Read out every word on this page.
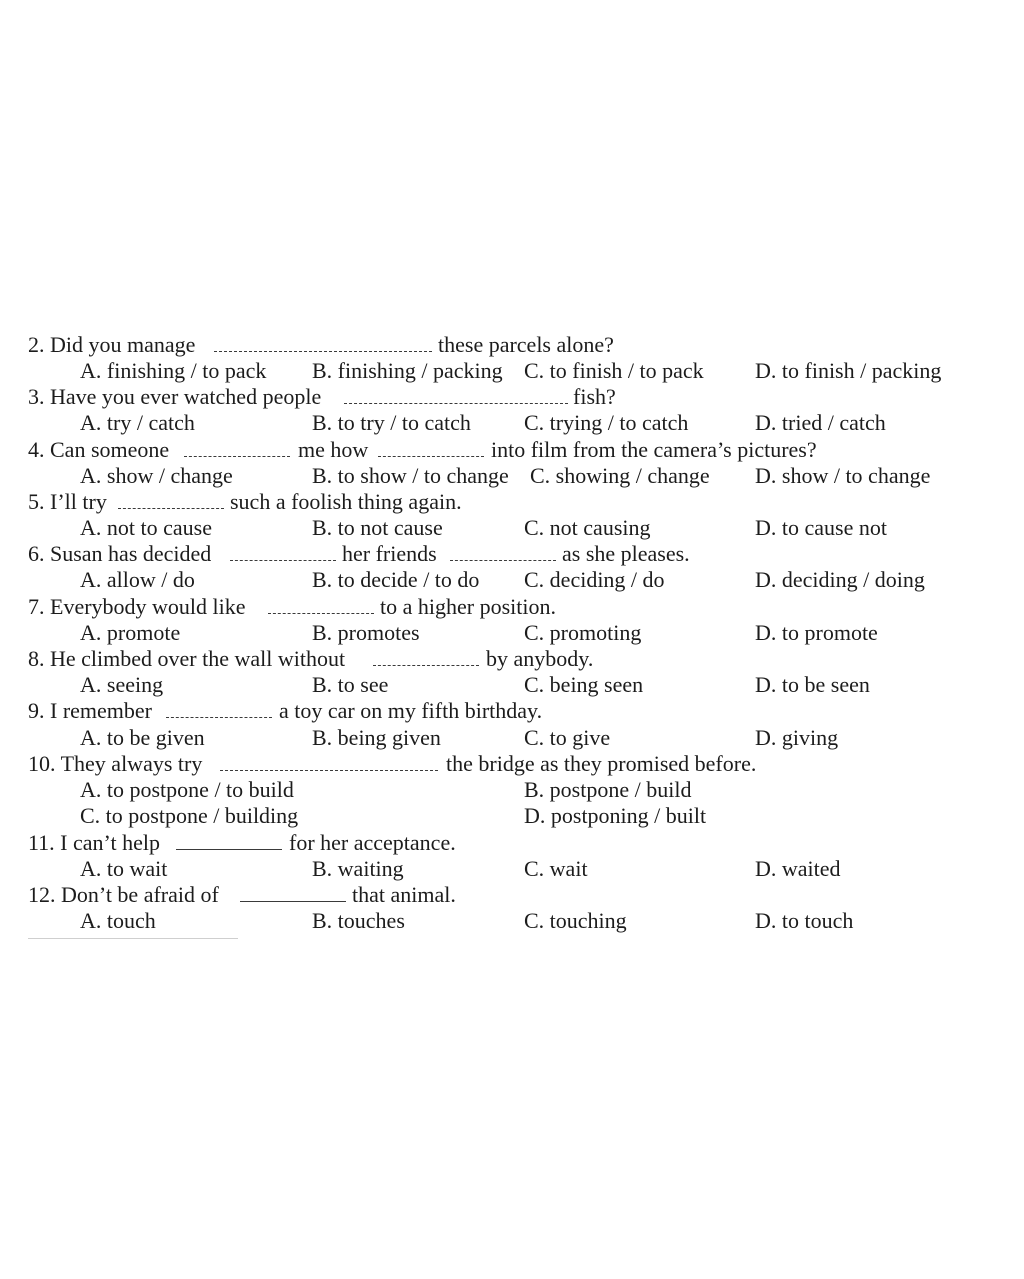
2. Did you manage	these parcels alone?
A. finishing / to pack B. finishing / packing C. to finish / to pack D. to finish / packing
3. Have you ever watched people	fish?
A. try / catch	B. to try / to catch C. trying / to catch	D. tried / catch
4. Can someone	me how	into film from the camera’s pictures?
A. show / change	B. to show / to change C. showing / change D. show / to change
5. I’ll try	such a foolish thing again.
A. not to cause	B. to not cause	C. not causing	D. to cause not
6. Susan has decided	her friends	as she pleases.
A. allow / do	B. to decide / to do C. deciding / do	D. deciding / doing
7. Everybody would like	to a higher position.
A. promote	B. promotes	C. promoting	D. to promote
8. He climbed over the wall without	by anybody.
A. seeing	B. to see	C. being seen	D. to be seen
9. I remember	a toy car on my fifth birthday.
A. to be given	B. being given	C. to give	D. giving
10. They always try	the bridge as they promised before.
A. to postpone / to build	B. postpone / build
C. to postpone / building	D. postponing / built
11. I can’t help	for her acceptance.
A. to wait	B. waiting	C. wait	D. waited
12. Don’t be afraid of	that animal.
A. touch	B. touches	C. touching	D. to touch
